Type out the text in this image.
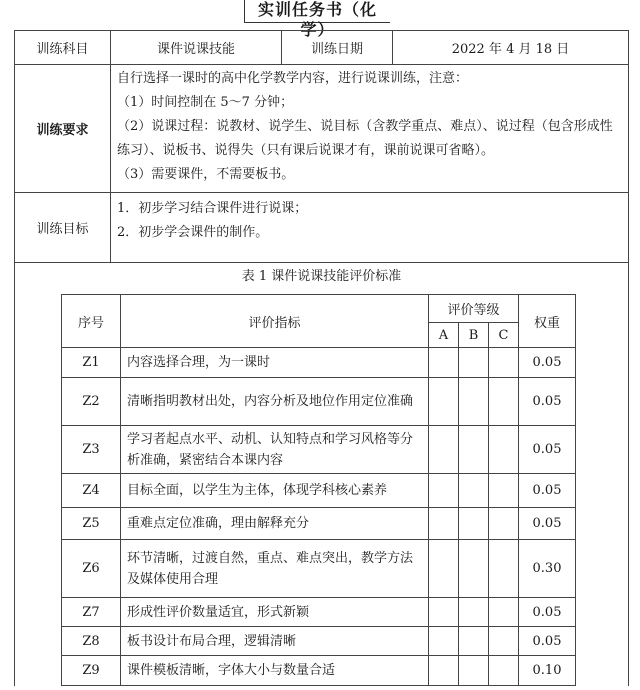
实训任务书（化学）
训练科目	课件说课技能	训练日期	2022 年 4 月 18 日
训练要求	

自行选择一课时的高中化学教学内容，进行说课训练，注意：

（1）时间控制在 5～7 分钟；

（2）说课过程：说教材、说学生、说目标（含教学重点、难点）、说过程（包含形成性练习）、说板书、说得失（只有课后说课才有，课前说课可省略）。

（3）需要课件，不需要板书。

训练目标	

1．初步学习结合课件进行说课；

2．初步学会课件的制作。

表 1 课件说课技能评价标准
序号	评价指标	评价等级	权重
A	B	C
Z1	内容选择合理，为一课时				0.05
Z2	清晰指明教材出处，内容分析及地位作用定位准确				0.05
Z3	学习者起点水平、动机、认知特点和学习风格等分析准确，紧密结合本课内容				0.05
Z4	目标全面，以学生为主体，体现学科核心素养				0.05
Z5	重难点定位准确，理由解释充分				0.05
Z6	环节清晰，过渡自然，重点、难点突出，教学方法及媒体使用合理				0.30
Z7	形成性评价数量适宜，形式新颖				0.05
Z8	板书设计布局合理，逻辑清晰				0.05
Z9	课件模板清晰，字体大小与数量合适				0.10
